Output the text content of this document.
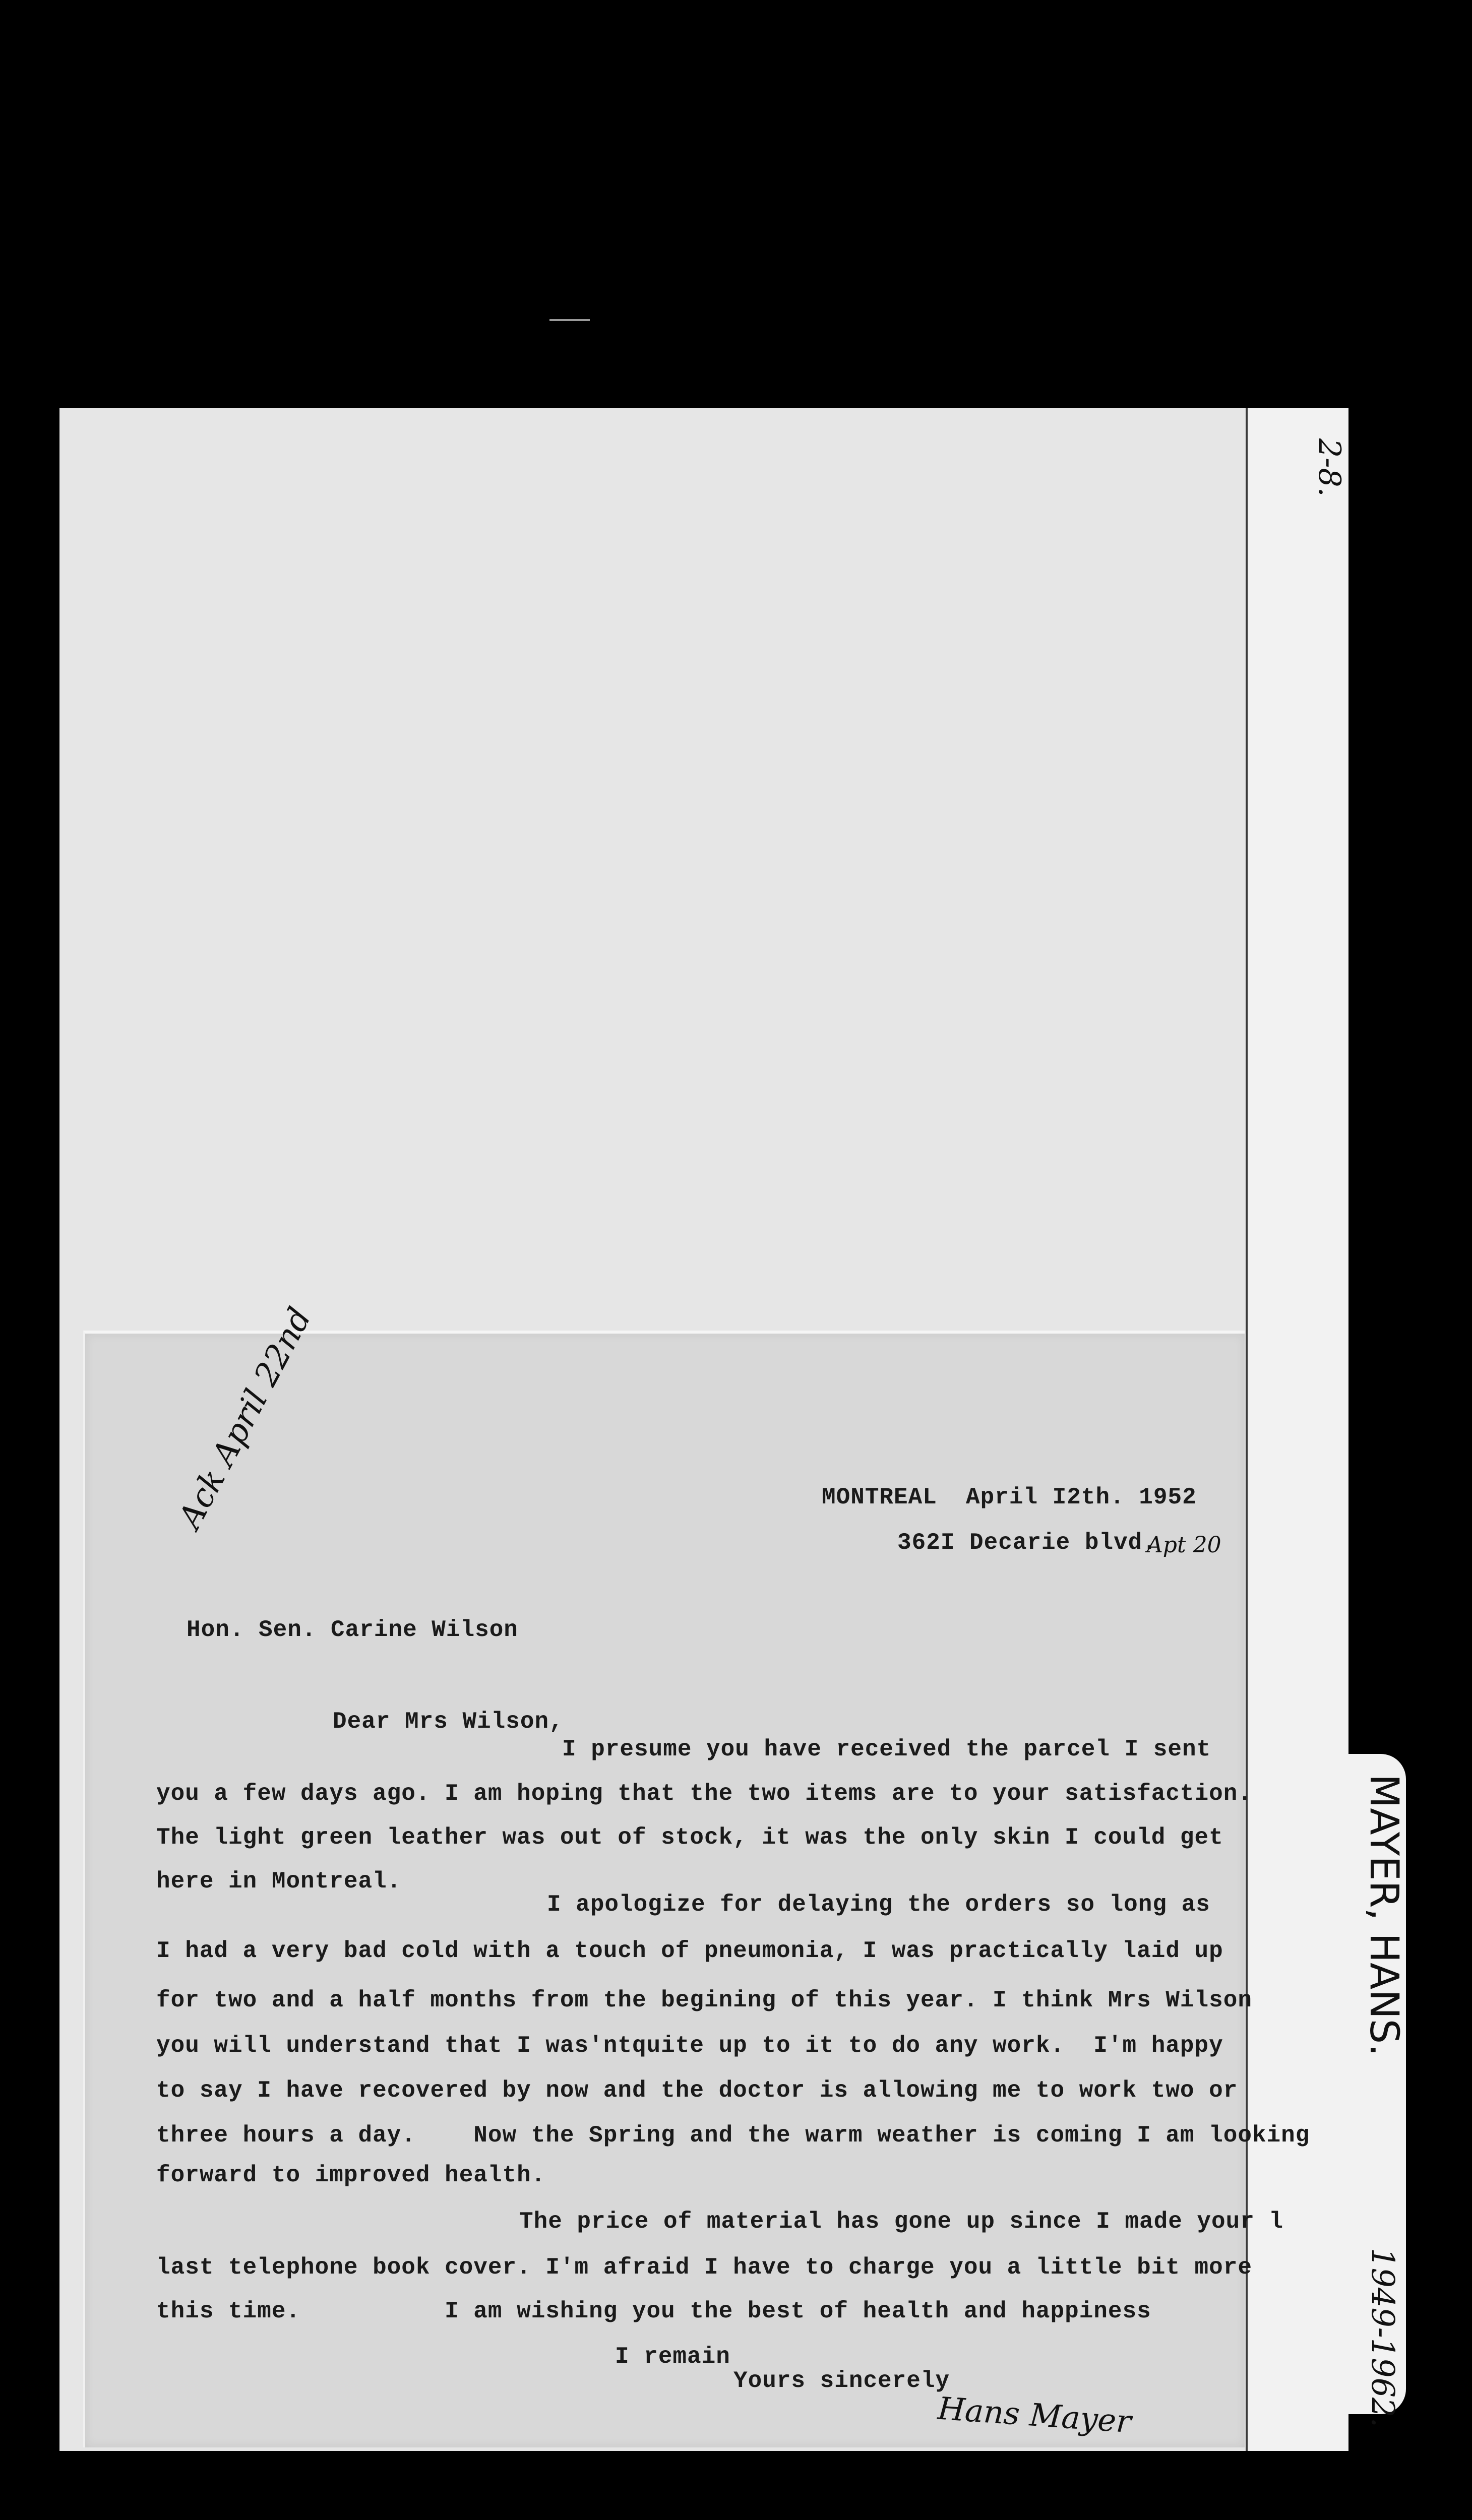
2-8.
MAYER, HANS.
1949-1962.
Ack April 22nd	MONTREAL  April I2th. 1952
362I Decarie blvd.
Apt 20
Hon. Sen. Carine Wilson
Dear Mrs Wilson,
I presume you have received the parcel I sent
you a few days ago. I am hoping that the two items are to your satisfaction.
The light green leather was out of stock, it was the only skin I could get
here in Montreal.
I apologize for delaying the orders so long as
I had a very bad cold with a touch of pneumonia, I was practically laid up
for two and a half months from the begining of this year. I think Mrs Wilson
you will understand that I was'ntquite up to it to do any work.  I'm happy
to say I have recovered by now and the doctor is allowing me to work two or
three hours a day.    Now the Spring and the warm weather is coming I am looking
forward to improved health.
The price of material has gone up since I made your l
last telephone book cover. I'm afraid I have to charge you a little bit more
this time.          I am wishing you the best of health and happiness
I remain
Yours sincerely
Hans Mayer
